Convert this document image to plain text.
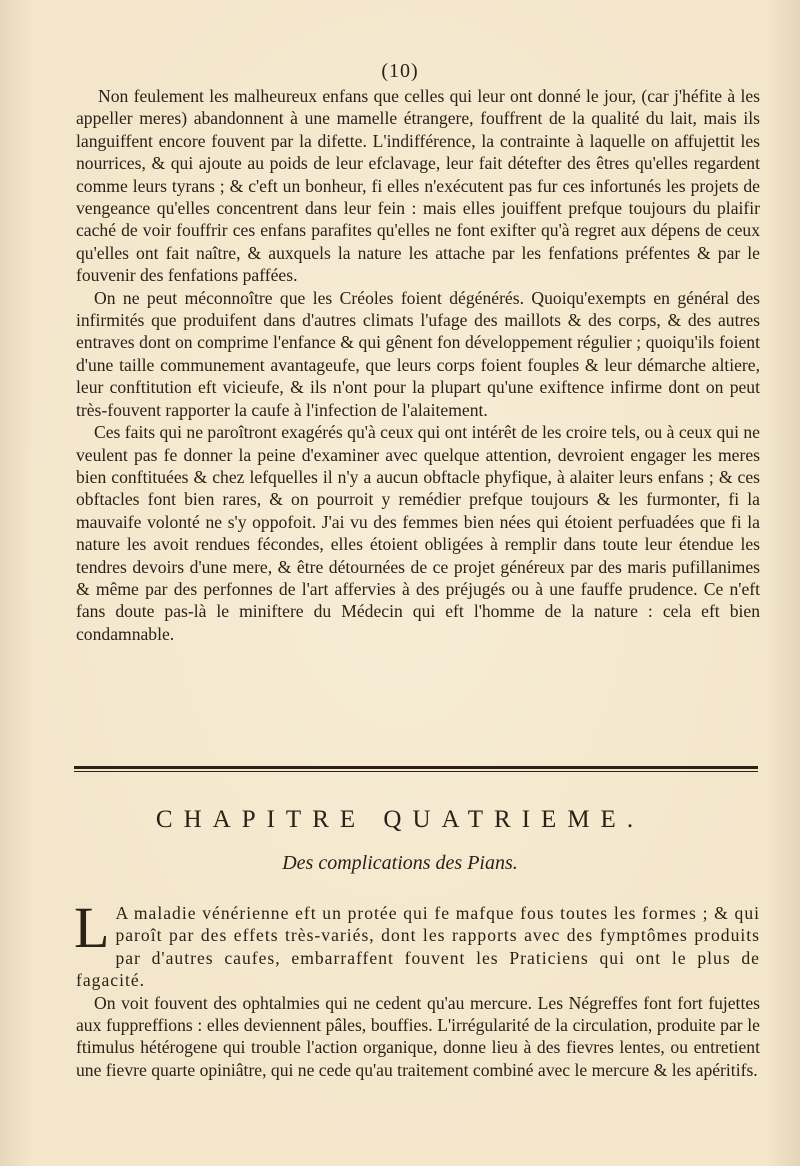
(10)

Non feulement les malheureux enfans que celles qui leur ont donné le jour, (car j'héfite à les appeller meres) abandonnent à une mamelle étrangere, fouffrent de la qualité du lait, mais ils languiffent encore fouvent par la difette. L'indifférence, la contrainte à laquelle on affujettit les nourrices, & qui ajoute au poids de leur efclavage, leur fait détefter des êtres qu'elles regardent comme leurs tyrans ; & c'eft un bonheur, fi elles n'exécutent pas fur ces infortunés les projets de vengeance qu'elles concentrent dans leur fein : mais elles jouiffent prefque toujours du plaifir caché de voir fouffrir ces enfans parafites qu'elles ne font exifter qu'à regret aux dépens de ceux qu'elles ont fait naître, & auxquels la nature les attache par les fenfations préfentes & par le fouvenir des fenfations paffées.

On ne peut méconnoître que les Créoles foient dégénérés. Quoiqu'exempts en général des infirmités que produifent dans d'autres climats l'ufage des maillots & des corps, & des autres entraves dont on comprime l'enfance & qui gênent fon développement régulier ; quoiqu'ils foient d'une taille communement avantageufe, que leurs corps foient fouples & leur démarche altiere, leur conftitution eft vicieufe, & ils n'ont pour la plupart qu'une exiftence infirme dont on peut très-fouvent rapporter la caufe à l'infection de l'alaitement.

Ces faits qui ne paroîtront exagérés qu'à ceux qui ont intérêt de les croire tels, ou à ceux qui ne veulent pas fe donner la peine d'examiner avec quelque attention, devroient engager les meres bien conftituées & chez lefquelles il n'y a aucun obftacle phyfique, à alaiter leurs enfans ; & ces obftacles font bien rares, & on pourroit y remédier prefque toujours & les furmonter, fi la mauvaife volonté ne s'y oppofoit. J'ai vu des femmes bien nées qui étoient perfuadées que fi la nature les avoit rendues fécondes, elles étoient obligées à remplir dans toute leur étendue les tendres devoirs d'une mere, & être détournées de ce projet généreux par des maris pufillanimes & même par des perfonnes de l'art affervies à des préjugés ou à une fauffe prudence. Ce n'eft fans doute pas-là le miniftere du Médecin qui eft l'homme de la nature : cela eft bien condamnable.

CHAPITRE QUATRIEME.
Des complications des Pians.

L A maladie vénérienne eft un protée qui fe mafque fous toutes les formes ; & qui paroît par des effets très-variés, dont les rapports avec des fymptômes produits par d'autres caufes, embarraffent fouvent les Praticiens qui ont le plus de fagacité.

On voit fouvent des ophtalmies qui ne cedent qu'au mercure. Les Négreffes font fort fujettes aux fuppreffions : elles deviennent pâles, bouffies. L'irrégularité de la circulation, produite par le ftimulus hétérogene qui trouble l'action organique, donne lieu à des fievres lentes, ou entretient une fievre quarte opiniâtre, qui ne cede qu'au traitement combiné avec le mercure & les apéritifs.
